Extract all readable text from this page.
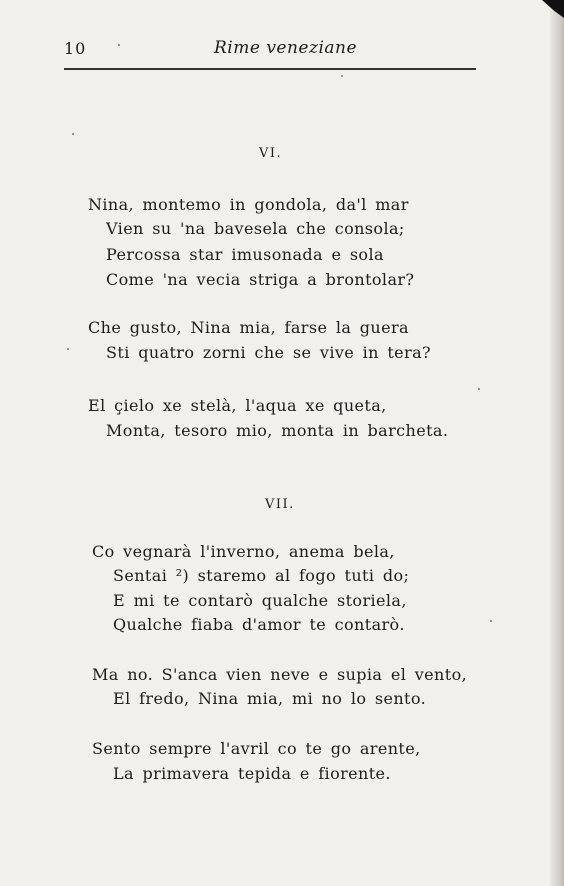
10	Rime veneziane
VI.
Nina, montemo in gondola, da'l mar
Vien su 'na bavesela che consola;
Percossa star imusonada e sola
Come 'na vecia striga a brontolar?
Che gusto, Nina mia, farse la guera
Sti quatro zorni che se vive in tera?
El çielo xe stelà, l'aqua xe queta,
Monta, tesoro mio, monta in barcheta.
VII.
Co vegnarà l'inverno, anema bela,
Sentai ²) staremo al fogo tuti do;
E mi te contarò qualche storiela,
Qualche fiaba d'amor te contarò.
Ma no. S'anca vien neve e supia el vento,
El fredo, Nina mia, mi no lo sento.
Sento sempre l'avril co te go arente,
La primavera tepida e fiorente.
